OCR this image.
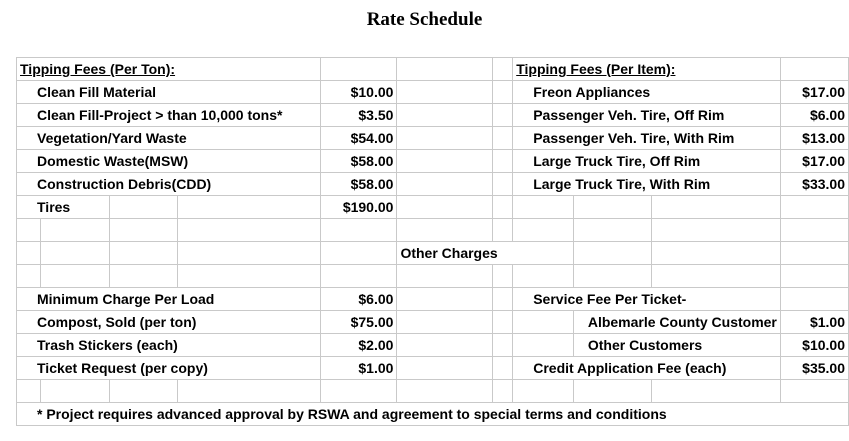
Rate Schedule
Tipping Fees (Per Ton):							Tipping Fees (Per Item):			
Clean Fill Material				$10.00			Freon Appliances			$17.00
Clean Fill-Project > than 10,000 tons*				$3.50			Passenger Veh. Tire, Off Rim			$6.00
Vegetation/Yard Waste				$54.00			Passenger Veh. Tire, With Rim			$13.00
Domestic Waste(MSW)				$58.00			Large Truck Tire, Off Rim			$17.00
Construction Debris(CDD)				$58.00			Large Truck Tire, With Rim			$33.00
Tires				$190.00						

					Other Charges					

Minimum Charge Per Load				$6.00			Service Fee Per Ticket-			
Compost, Sold (per ton)				$75.00				Albemarle County Customer		$1.00
Trash Stickers (each)				$2.00				Other Customers		$10.00
Ticket Request (per copy)				$1.00			Credit Application Fee (each)			$35.00

* Project requires advanced approval by RSWA and agreement to special terms and conditions										
